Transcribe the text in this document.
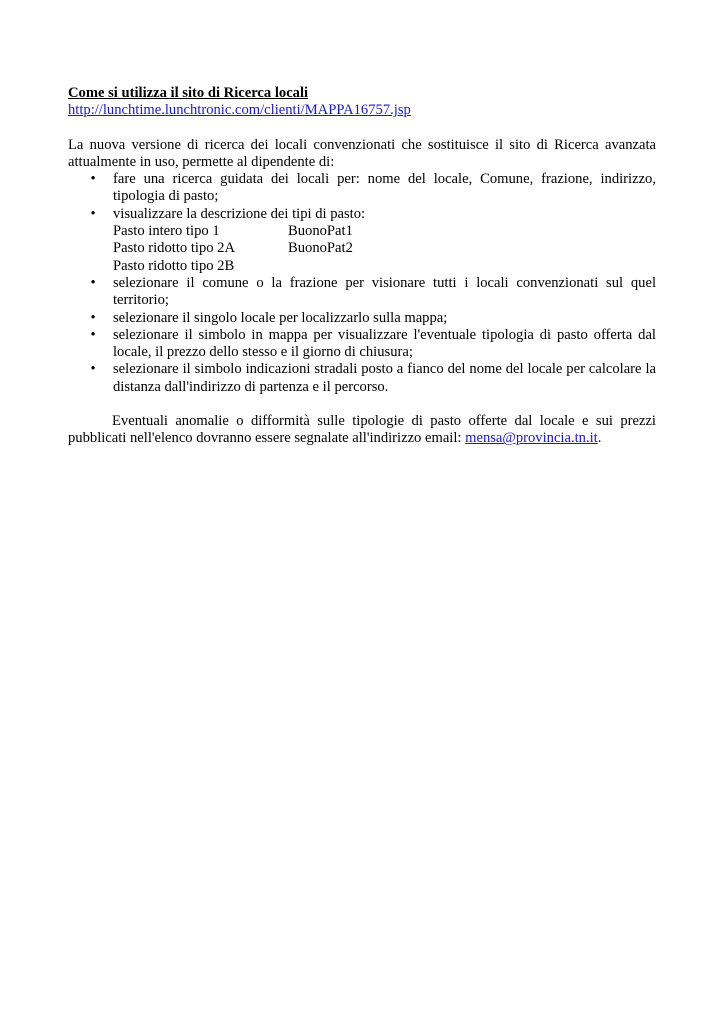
Come si utilizza il sito di Ricerca locali

http://lunchtime.lunchtronic.com/clienti/MAPPA16757.jsp

La nuova versione di ricerca dei locali convenzionati che sostituisce il sito di Ricerca avanzata attualmente in uso, permette al dipendente di:

• fare una ricerca guidata dei locali per: nome del locale, Comune, frazione, indirizzo, tipologia di pasto;
• visualizzare la descrizione dei tipi di pasto:
Pasto intero tipo 1	BuonoPat1
Pasto ridotto tipo 2A	BuonoPat2
Pasto ridotto tipo 2B
• selezionare il comune o la frazione per visionare tutti i locali convenzionati sul quel territorio;
• selezionare il singolo locale per localizzarlo sulla mappa;
• selezionare il simbolo in mappa per visualizzare l'eventuale tipologia di pasto offerta dal locale, il prezzo dello stesso e il giorno di chiusura;
• selezionare il simbolo indicazioni stradali posto a fianco del nome del locale per calcolare la distanza dall'indirizzo di partenza e il percorso.

Eventuali anomalie o difformità sulle tipologie di pasto offerte dal locale e sui prezzi pubblicati nell'elenco dovranno essere segnalate all'indirizzo email: mensa@provincia.tn.it.
